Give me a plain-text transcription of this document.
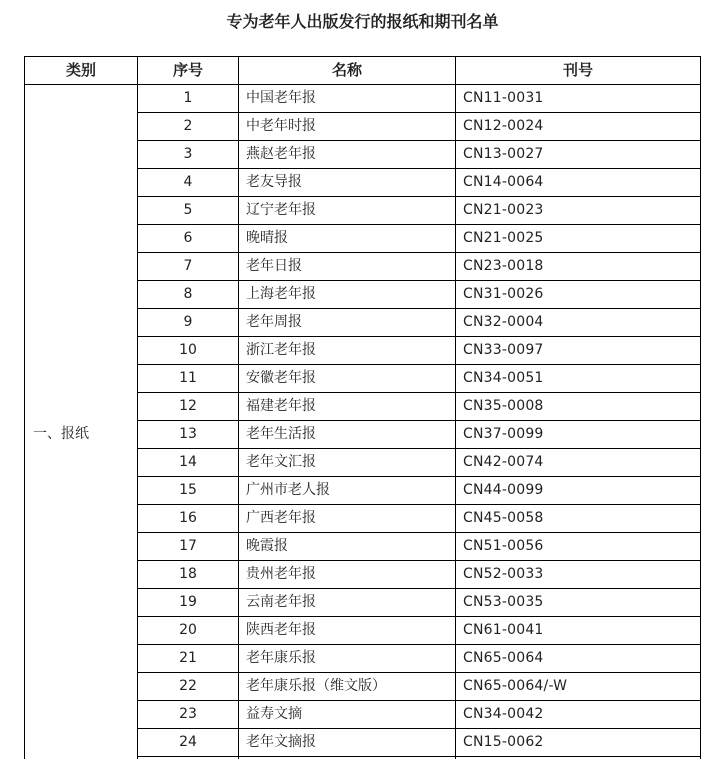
专为老年人出版发行的报纸和期刊名单
类别	序号	名称	刊号
一、报纸	1	中国老年报	CN11-0031
	2	中老年时报	CN12-0024
	3	燕赵老年报	CN13-0027
	4	老友导报	CN14-0064
	5	辽宁老年报	CN21-0023
	6	晚晴报	CN21-0025
	7	老年日报	CN23-0018
	8	上海老年报	CN31-0026
	9	老年周报	CN32-0004
	10	浙江老年报	CN33-0097
	11	安徽老年报	CN34-0051
	12	福建老年报	CN35-0008
	13	老年生活报	CN37-0099
	14	老年文汇报	CN42-0074
	15	广州市老人报	CN44-0099
	16	广西老年报	CN45-0058
	17	晚霞报	CN51-0056
	18	贵州老年报	CN52-0033
	19	云南老年报	CN53-0035
	20	陕西老年报	CN61-0041
	21	老年康乐报	CN65-0064
	22	老年康乐报（维文版）	CN65-0064/-W
	23	益寿文摘	CN34-0042
	24	老年文摘报	CN15-0062
